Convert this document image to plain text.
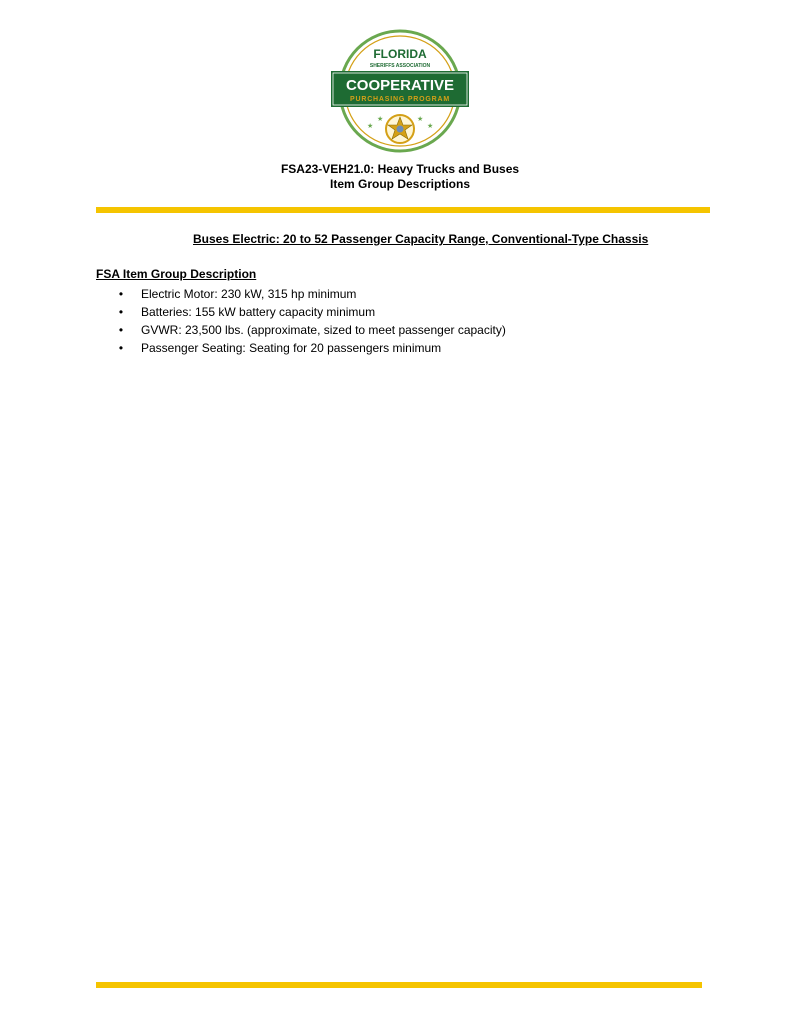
FLORIDA
SHERIFFS ASSOCIATION
COOPERATIVE
PURCHASING PROGRAM
★
★	★
★
FSA23-VEH21.0: Heavy Trucks and Buses
Item Group Descriptions
Buses Electric: 20 to 52 Passenger Capacity Range, Conventional-Type Chassis
FSA Item Group Description
• Electric Motor: 230 kW, 315 hp minimum
• Batteries: 155 kW battery capacity minimum
• GVWR: 23,500 lbs. (approximate, sized to meet passenger capacity)
• Passenger Seating: Seating for 20 passengers minimum
